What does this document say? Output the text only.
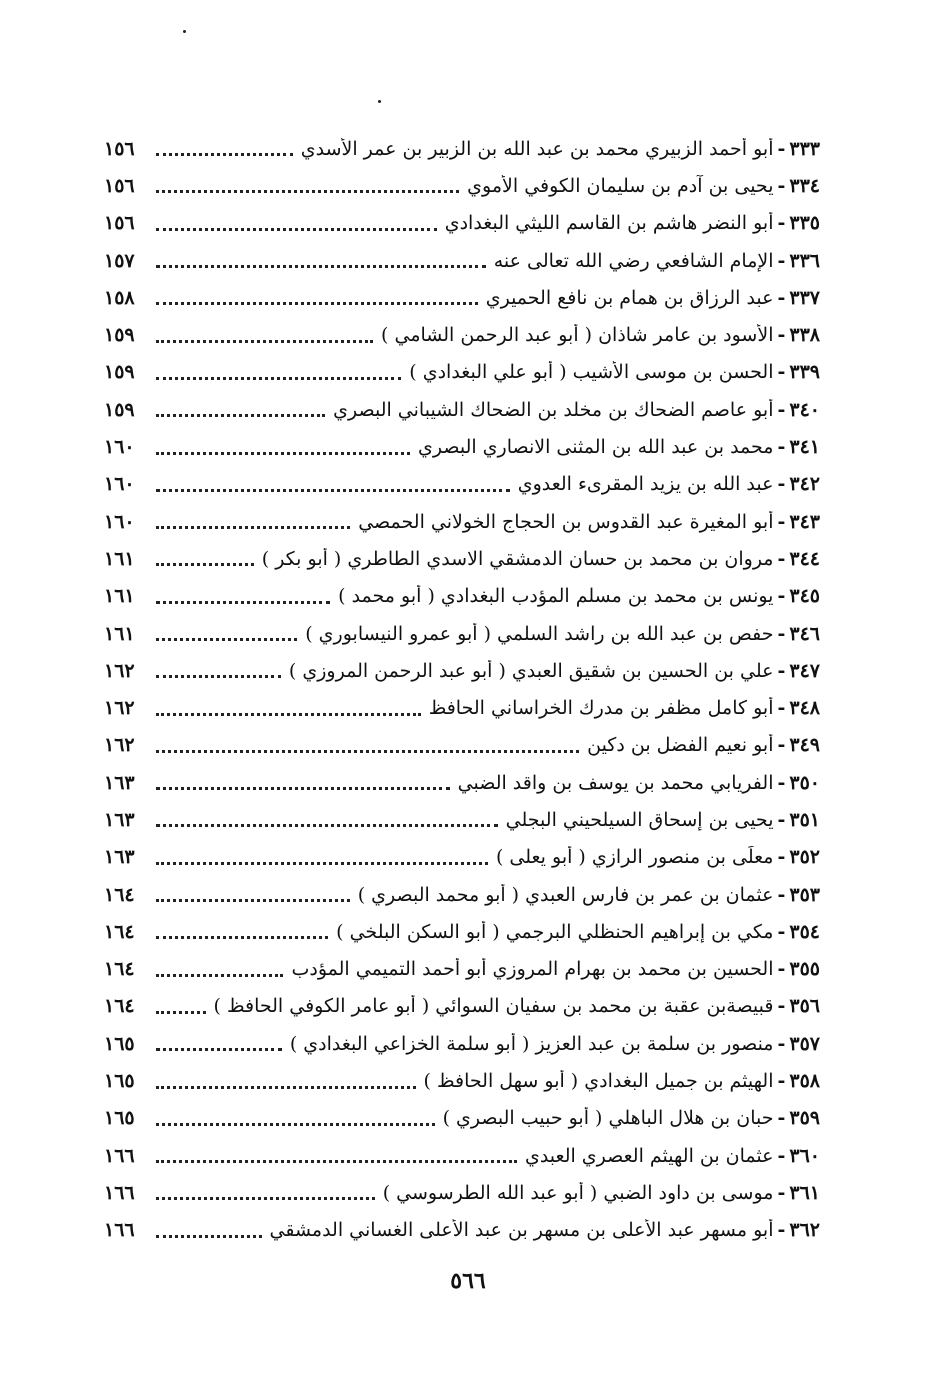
٣٣٣
-
أبو أحمد الزبيري محمد بن عبد الله بن الزبير بن عمر الأسدي
١٥٦
٣٣٤
-
يحيى بن آدم بن سليمان الكوفي الأموي
١٥٦
٣٣٥
-
أبو النضر هاشم بن القاسم الليثي البغدادي
١٥٦
٣٣٦
-
الإمام الشافعي رضي الله تعالى عنه
١٥٧
٣٣٧
-
عبد الرزاق بن همام بن نافع الحميري
١٥٨
٣٣٨
-
الأسود بن عامر شاذان ( أبو عبد الرحمن الشامي )
١٥٩
٣٣٩
-
الحسن بن موسى الأشيب ( أبو علي البغدادي )
١٥٩
٣٤٠
-
أبو عاصم الضحاك بن مخلد بن الضحاك الشيباني البصري
١٥٩
٣٤١
-
محمد بن عبد الله بن المثنى الانصاري البصري
١٦٠
٣٤٢
-
عبد الله بن يزيد المقرىء العدوي
١٦٠
٣٤٣
-
أبو المغيرة عبد القدوس بن الحجاج الخولاني الحمصي
١٦٠
٣٤٤
-
مروان بن محمد بن حسان الدمشقي الاسدي الطاطري ( أبو بكر )
١٦١
٣٤٥
-
يونس بن محمد بن مسلم المؤدب البغدادي ( أبو محمد )
١٦١
٣٤٦
-
حفص بن عبد الله بن راشد السلمي ( أبو عمرو النيسابوري )
١٦١
٣٤٧
-
علي بن الحسين بن شقيق العبدي ( أبو عبد الرحمن المروزي )
١٦٢
٣٤٨
-
أبو كامل مظفر بن مدرك الخراساني الحافظ
١٦٢
٣٤٩
-
أبو نعيم الفضل بن دكين
١٦٢
٣٥٠
-
الفريابي محمد بن يوسف بن واقد الضبي
١٦٣
٣٥١
-
يحيى بن إسحاق السيلحيني البجلي
١٦٣
٣٥٢
-
معلًى بن منصور الرازي ( أبو يعلى )
١٦٣
٣٥٣
-
عثمان بن عمر بن فارس العبدي ( أبو محمد البصري )
١٦٤
٣٥٤
-
مكي بن إبراهيم الحنظلي البرجمي ( أبو السكن البلخي )
١٦٤
٣٥٥
-
الحسين بن محمد بن بهرام المروزي أبو أحمد التميمي المؤدب
١٦٤
٣٥٦
-
قبيصةبن عقبة بن محمد بن سفيان السوائي ( أبو عامر الكوفي الحافظ )
١٦٤
٣٥٧
-
منصور بن سلمة بن عبد العزيز ( أبو سلمة الخزاعي البغدادي )
١٦٥
٣٥٨
-
الهيثم بن جميل البغدادي ( أبو سهل الحافظ )
١٦٥
٣٥٩
-
حبان بن هلال الباهلي ( أبو حبيب البصري )
١٦٥
٣٦٠
-
عثمان بن الهيثم العصري العبدي
١٦٦
٣٦١
-
موسى بن داود الضبي ( أبو عبد الله الطرسوسي )
١٦٦
٣٦٢
-
أبو مسهر عبد الأعلى بن مسهر بن عبد الأعلى الغساني الدمشقي
١٦٦
٥٦٦
